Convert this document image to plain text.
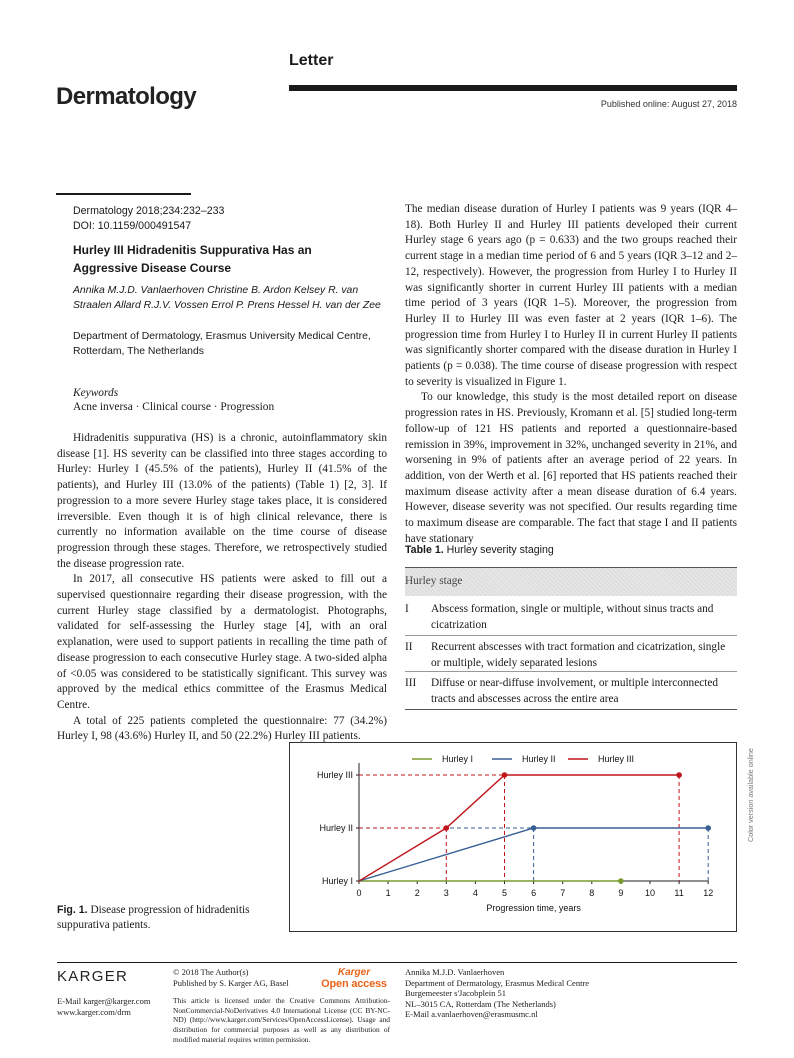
Letter
Dermatology	Published online: August 27, 2018
Dermatology 2018;234:232–233
DOI: 10.1159/000491547
Hurley III Hidradenitis Suppurativa Has an Aggressive Disease Course
Annika M.J.D. Vanlaerhoven Christine B. Ardon Kelsey R. van Straalen Allard R.J.V. Vossen Errol P. Prens Hessel H. van der Zee
Department of Dermatology, Erasmus University Medical Centre, Rotterdam, The Netherlands
Keywords
Acne inversa · Clinical course · Progression

Hidradenitis suppurativa (HS) is a chronic, autoinflammatory skin disease [1]. HS severity can be classified into three stages according to Hurley: Hurley I (45.5% of the patients), Hurley II (41.5% of the patients), and Hurley III (13.0% of the patients) (Table 1) [2, 3]. If progression to a more severe Hurley stage takes place, it is considered irreversible. Even though it is of high clinical relevance, there is currently no information available on the time course of disease progression through these stages. Therefore, we retrospectively studied the disease progression rate.

In 2017, all consecutive HS patients were asked to fill out a supervised questionnaire regarding their disease progression, with the current Hurley stage classified by a dermatologist. Photographs, validated for self-assessing the Hurley stage [4], with an oral explanation, were used to support patients in recalling the time path of disease progression to each consecutive Hurley stage. A two-sided alpha of <0.05 was considered to be statistically significant. This survey was approved by the medical ethics committee of the Erasmus Medical Centre.

A total of 225 patients completed the questionnaire: 77 (34.2%) Hurley I, 98 (43.6%) Hurley II, and 50 (22.2%) Hurley III patients.

The median disease duration of Hurley I patients was 9 years (IQR 4–18). Both Hurley II and Hurley III patients developed their current Hurley stage 6 years ago (p = 0.633) and the two groups reached their current stage in a median time period of 6 and 5 years (IQR 3–12 and 2–12, respectively). However, the progression from Hurley I to Hurley II was significantly shorter in current Hurley III patients with a median time period of 3 years (IQR 1–5). Moreover, the progression from Hurley II to Hurley III was even faster at 2 years (IQR 1–6). The progression time from Hurley I to Hurley II in current Hurley II patients was significantly shorter compared with the disease duration in Hurley I patients (p = 0.038). The time course of disease progression with respect to severity is visualized in Figure 1.

To our knowledge, this study is the most detailed report on disease progression rates in HS. Previously, Kromann et al. [5] studied long-term follow-up of 121 HS patients and reported a questionnaire-based remission in 39%, improvement in 32%, unchanged severity in 21%, and worsening in 9% of patients after an average period of 22 years. In addition, von der Werth et al. [6] reported that HS patients reached their maximum disease activity after a mean disease duration of 6.4 years. However, disease severity was not specified. Our results regarding time to maximum disease are comparable. The fact that stage I and II patients have stationary

Table 1. Hurley severity staging
Hurley stage
I Abscess formation, single or multiple, without sinus tracts and cicatrization
II Recurrent abscesses with tract formation and cicatrization, single or multiple, widely separated lesions
III Diffuse or near-diffuse involvement, or multiple interconnected tracts and abscesses across the entire area
0	1	2	3	4	5	6	7	8	9 10 11 12
Progression time, years
Hurley I
Hurley II
Hurley III
Hurley I	Hurley II	Hurley III	Color version available online
Fig. 1. Disease progression of hidradenitis suppurativa patients.
KARGER
E-Mail karger@karger.com
www.karger.com/drm
© 2018 The Author(s)
Published by S. Karger AG, Basel
Karger
Open access
This article is licensed under the Creative Commons Attribution-NonCommercial-NoDerivatives 4.0 International License (CC BY-NC-ND) (http://www.karger.com/Services/OpenAccessLicense). Usage and distribution for commercial purposes as well as any distribution of modified material requires written permission.
Annika M.J.D. Vanlaerhoven
Department of Dermatology, Erasmus Medical Centre
Burgemeester s'Jacobplein 51
NL–3015 CA, Rotterdam (The Netherlands)
E-Mail a.vanlaerhoven@erasmusmc.nl
